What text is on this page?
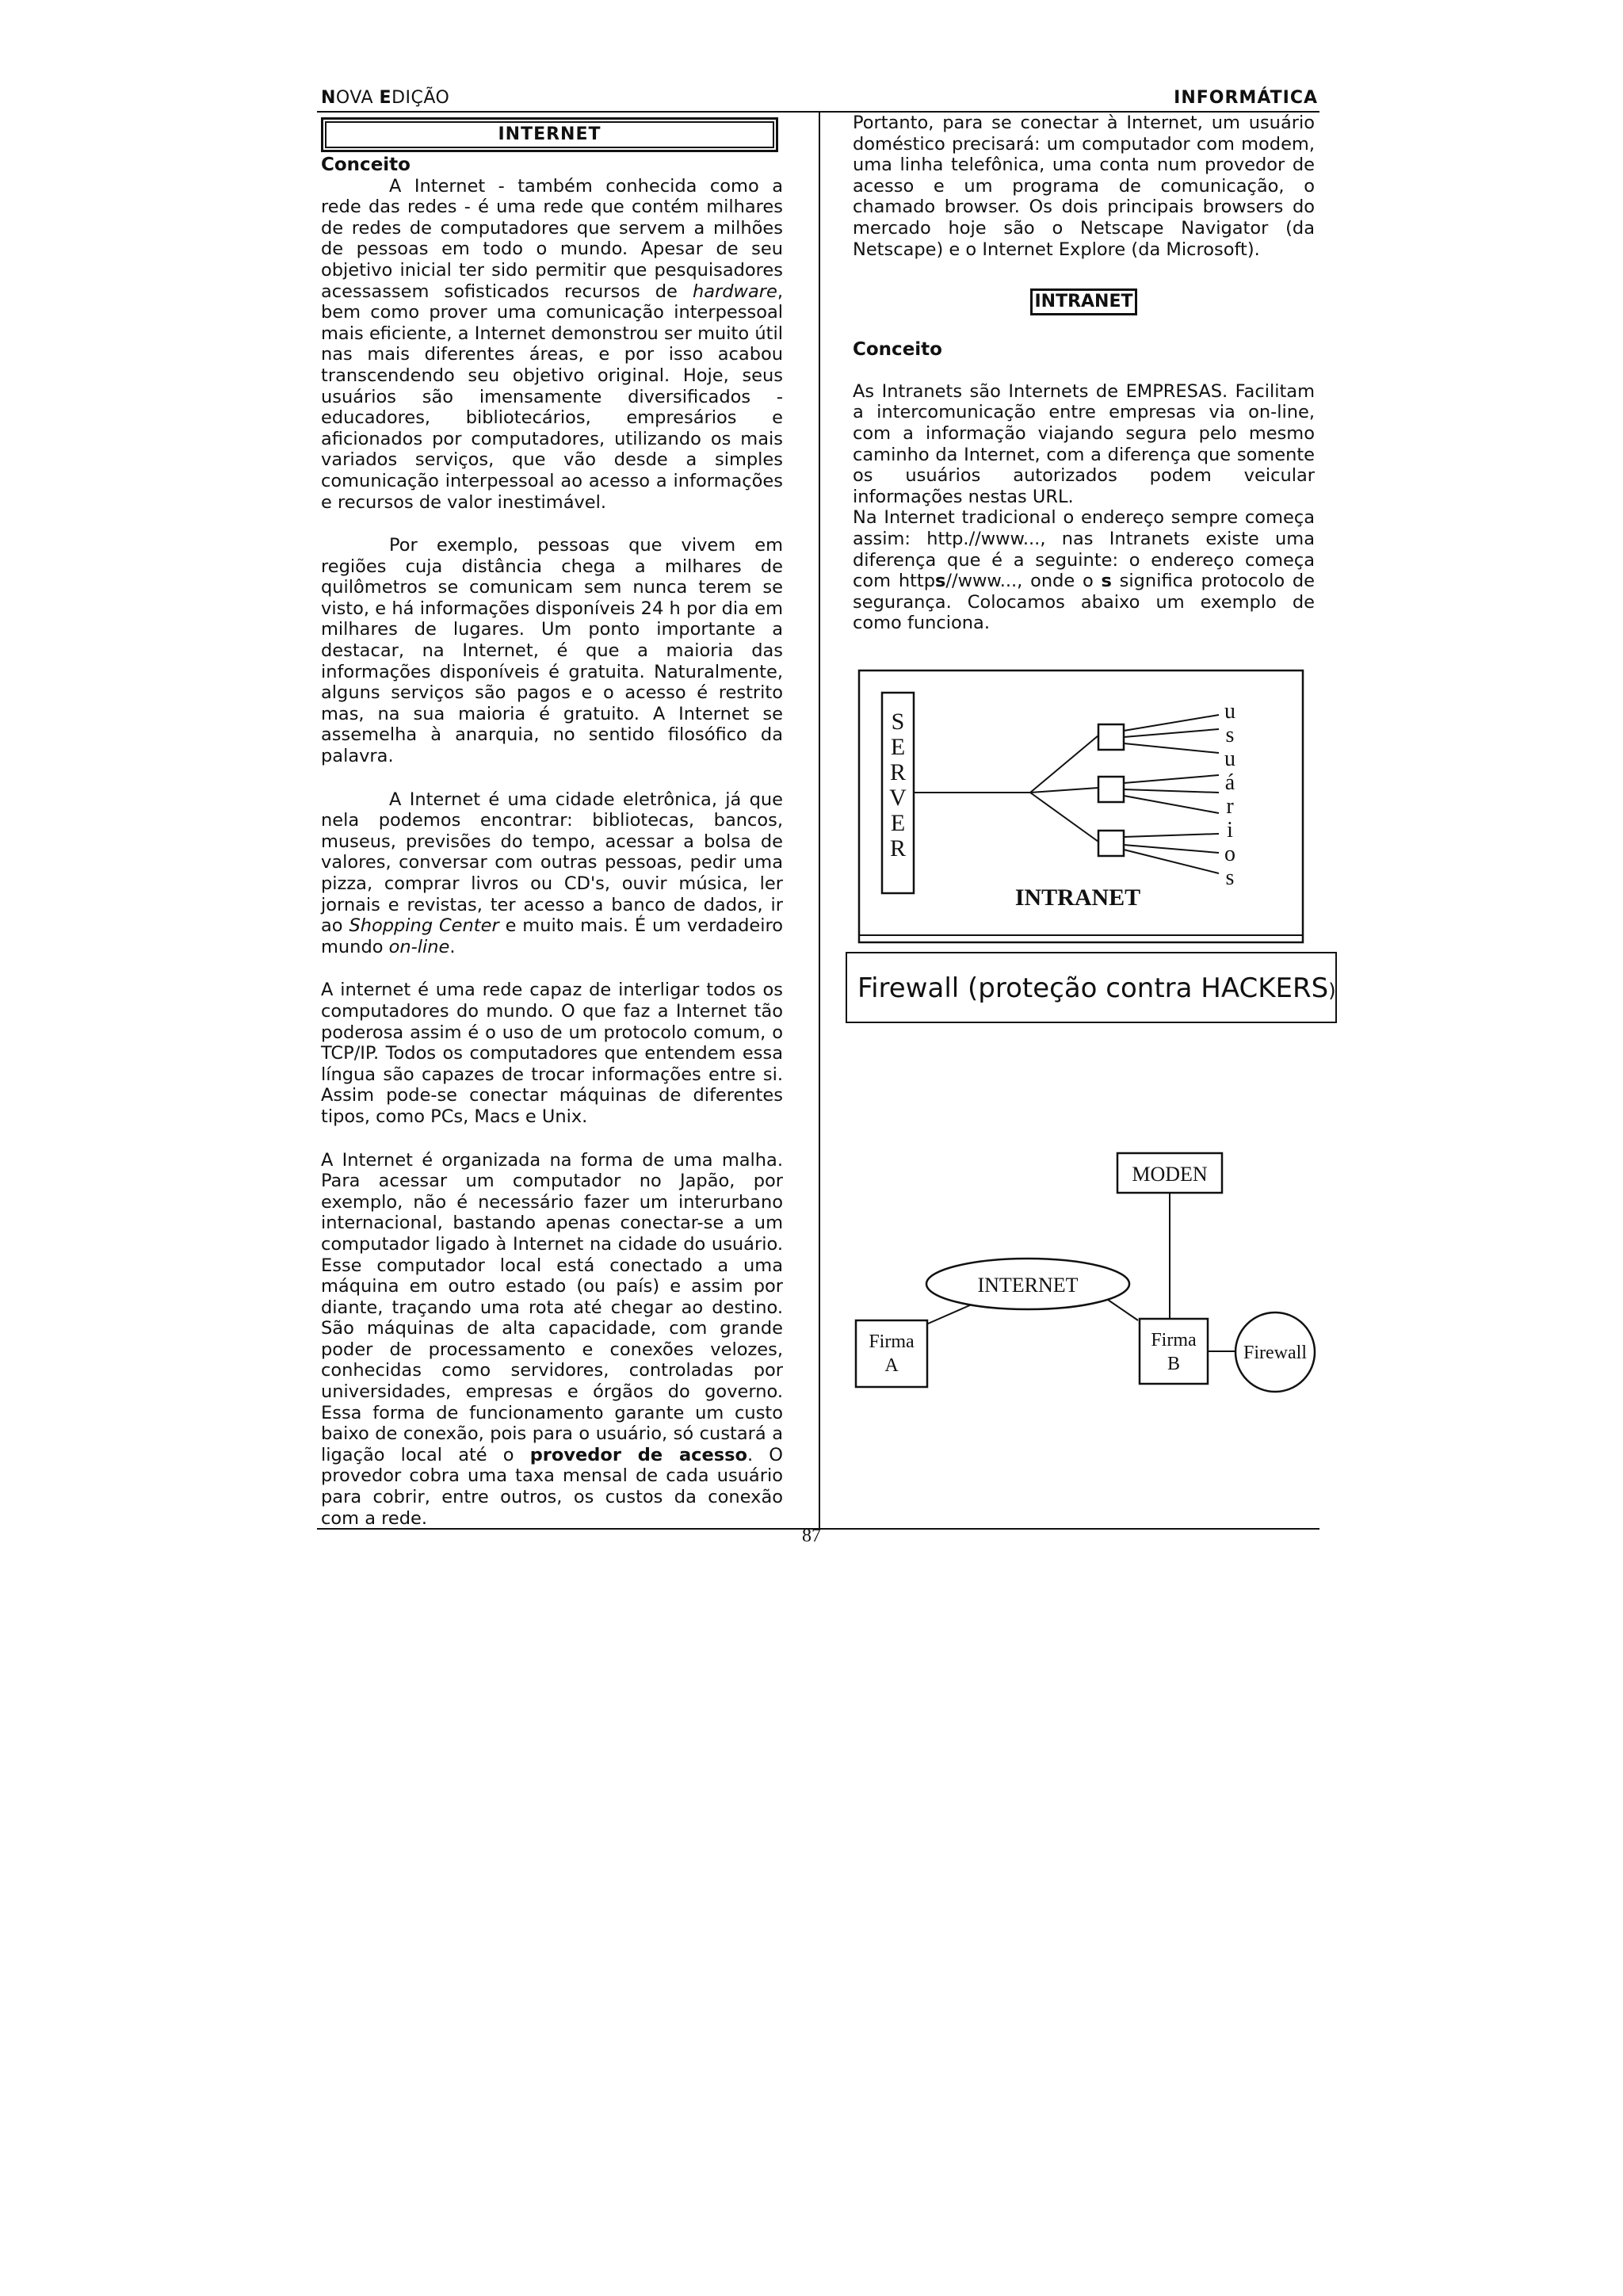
NOVA EDIÇÃO	INFORMÁTICA
INTERNET
Conceito

A Internet - também conhecida como a rede das redes - é uma rede que contém milhares de redes de computadores que servem a milhões de pessoas em todo o mundo. Apesar de seu objetivo inicial ter sido permitir que pesquisadores acessassem sofisticados recursos de hardware, bem como prover uma comunicação interpessoal mais eficiente, a Internet demonstrou ser muito útil nas mais diferentes áreas, e por isso acabou transcendendo seu objetivo original. Hoje, seus usuários são imensamente diversificados - educadores, bibliotecários, empresários e aficionados por computadores, utilizando os mais variados serviços, que vão desde a simples comunicação interpessoal ao acesso a informações e recursos de valor inestimável.

Por exemplo, pessoas que vivem em regiões cuja distância chega a milhares de quilômetros se comunicam sem nunca terem se visto, e há informações disponíveis 24 h por dia em milhares de lugares. Um ponto importante a destacar, na Internet, é que a maioria das informações disponíveis é gratuita. Naturalmente, alguns serviços são pagos e o acesso é restrito mas, na sua maioria é gratuito. A Internet se assemelha à anarquia, no sentido filosófico da palavra.

A Internet é uma cidade eletrônica, já que nela podemos encontrar: bibliotecas, bancos, museus, previsões do tempo, acessar a bolsa de valores, conversar com outras pessoas, pedir uma pizza, comprar livros ou CD's, ouvir música, ler jornais e revistas, ter acesso a banco de dados, ir ao Shopping Center e muito mais. É um verdadeiro mundo on-line.

A internet é uma rede capaz de interligar todos os computadores do mundo. O que faz a Internet tão poderosa assim é o uso de um protocolo comum, o TCP/IP. Todos os computadores que entendem essa língua são capazes de trocar informações entre si. Assim pode-se conectar máquinas de diferentes tipos, como PCs, Macs e Unix.

A Internet é organizada na forma de uma malha. Para acessar um computador no Japão, por exemplo, não é necessário fazer um interurbano internacional, bastando apenas conectar-se a um computador ligado à Internet na cidade do usuário. Esse computador local está conectado a uma máquina em outro estado (ou país) e assim por diante, traçando uma rota até chegar ao destino. São máquinas de alta capacidade, com grande poder de processamento e conexões velozes, conhecidas como servidores, controladas por universidades, empresas e órgãos do governo. Essa forma de funcionamento garante um custo baixo de conexão, pois para o usuário, só custará a ligação local até o provedor de acesso. O provedor cobra uma taxa mensal de cada usuário para cobrir, entre outros, os custos da conexão com a rede.

Portanto, para se conectar à Internet, um usuário doméstico precisará: um computador com modem, uma linha telefônica, uma conta num provedor de acesso e um programa de comunicação, o chamado browser. Os dois principais browsers do mercado hoje são o Netscape Navigator (da Netscape) e o Internet Explore (da Microsoft).

INTRANET
Conceito

As Intranets são Internets de EMPRESAS. Facilitam a intercomunicação entre empresas via on-line, com a informação viajando segura pelo mesmo caminho da Internet, com a diferença que somente os usuários autorizados podem veicular informações nestas URL.

Na Internet tradicional o endereço sempre começa assim: http.//www..., nas Intranets existe uma diferença que é a seguinte: o endereço começa com https//www..., onde o s significa protocolo de segurança. Colocamos abaixo um exemplo de como funciona.

S
E
R
V
E
R
u
s
u
á
r
i
o
s
INTRANET
Firewall (proteção contra HACKERS)
MODEN
INTERNET
Firma
A
Firma
B
Firewall
87
